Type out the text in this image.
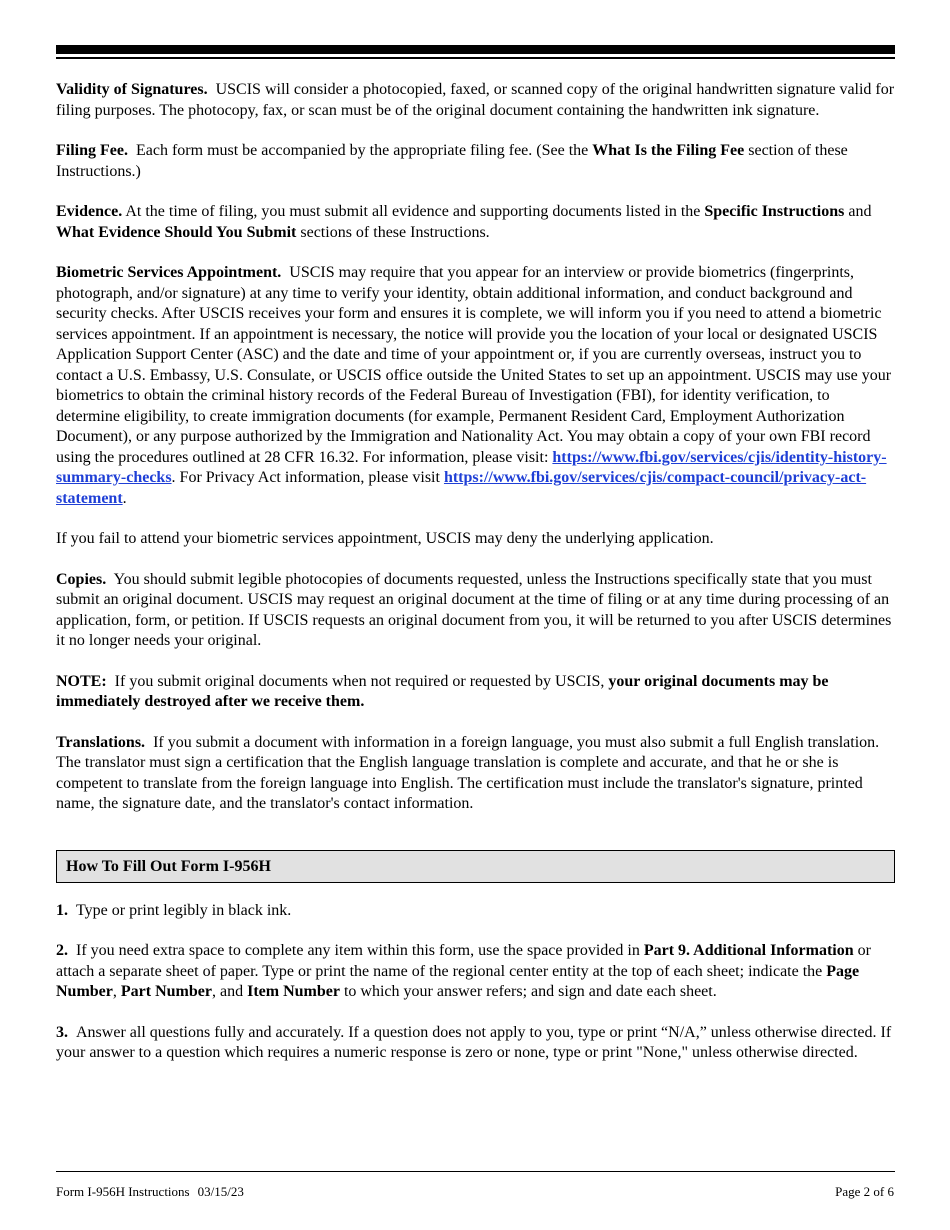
Validity of Signatures. USCIS will consider a photocopied, faxed, or scanned copy of the original handwritten signature valid for filing purposes. The photocopy, fax, or scan must be of the original document containing the handwritten ink signature.

Filing Fee. Each form must be accompanied by the appropriate filing fee. (See the What Is the Filing Fee section of these Instructions.)

Evidence. At the time of filing, you must submit all evidence and supporting documents listed in the Specific Instructions and What Evidence Should You Submit sections of these Instructions.

Biometric Services Appointment. USCIS may require that you appear for an interview or provide biometrics (fingerprints, photograph, and/or signature) at any time to verify your identity, obtain additional information, and conduct background and security checks. After USCIS receives your form and ensures it is complete, we will inform you if you need to attend a biometric services appointment. If an appointment is necessary, the notice will provide you the location of your local or designated USCIS Application Support Center (ASC) and the date and time of your appointment or, if you are currently overseas, instruct you to contact a U.S. Embassy, U.S. Consulate, or USCIS office outside the United States to set up an appointment. USCIS may use your biometrics to obtain the criminal history records of the Federal Bureau of Investigation (FBI), for identity verification, to determine eligibility, to create immigration documents (for example, Permanent Resident Card, Employment Authorization Document), or any purpose authorized by the Immigration and Nationality Act. You may obtain a copy of your own FBI record using the procedures outlined at 28 CFR 16.32. For information, please visit: https://www.fbi.gov/services/cjis/identity-history-summary-checks. For Privacy Act information, please visit https://www.fbi.gov/services/cjis/compact-council/privacy-act-statement.

If you fail to attend your biometric services appointment, USCIS may deny the underlying application.

Copies. You should submit legible photocopies of documents requested, unless the Instructions specifically state that you must submit an original document. USCIS may request an original document at the time of filing or at any time during processing of an application, form, or petition. If USCIS requests an original document from you, it will be returned to you after USCIS determines it no longer needs your original.

NOTE: If you submit original documents when not required or requested by USCIS, your original documents may be immediately destroyed after we receive them.

Translations. If you submit a document with information in a foreign language, you must also submit a full English translation. The translator must sign a certification that the English language translation is complete and accurate, and that he or she is competent to translate from the foreign language into English. The certification must include the translator's signature, printed name, the signature date, and the translator's contact information.

How To Fill Out Form I-956H

1. Type or print legibly in black ink.

2. If you need extra space to complete any item within this form, use the space provided in Part 9. Additional Information or attach a separate sheet of paper. Type or print the name of the regional center entity at the top of each sheet; indicate the Page Number, Part Number, and Item Number to which your answer refers; and sign and date each sheet.

3. Answer all questions fully and accurately. If a question does not apply to you, type or print “N/A,” unless otherwise directed. If your answer to a question which requires a numeric response is zero or none, type or print "None," unless otherwise directed.

Form I-956H Instructions 03/15/23	Page 2 of 6
